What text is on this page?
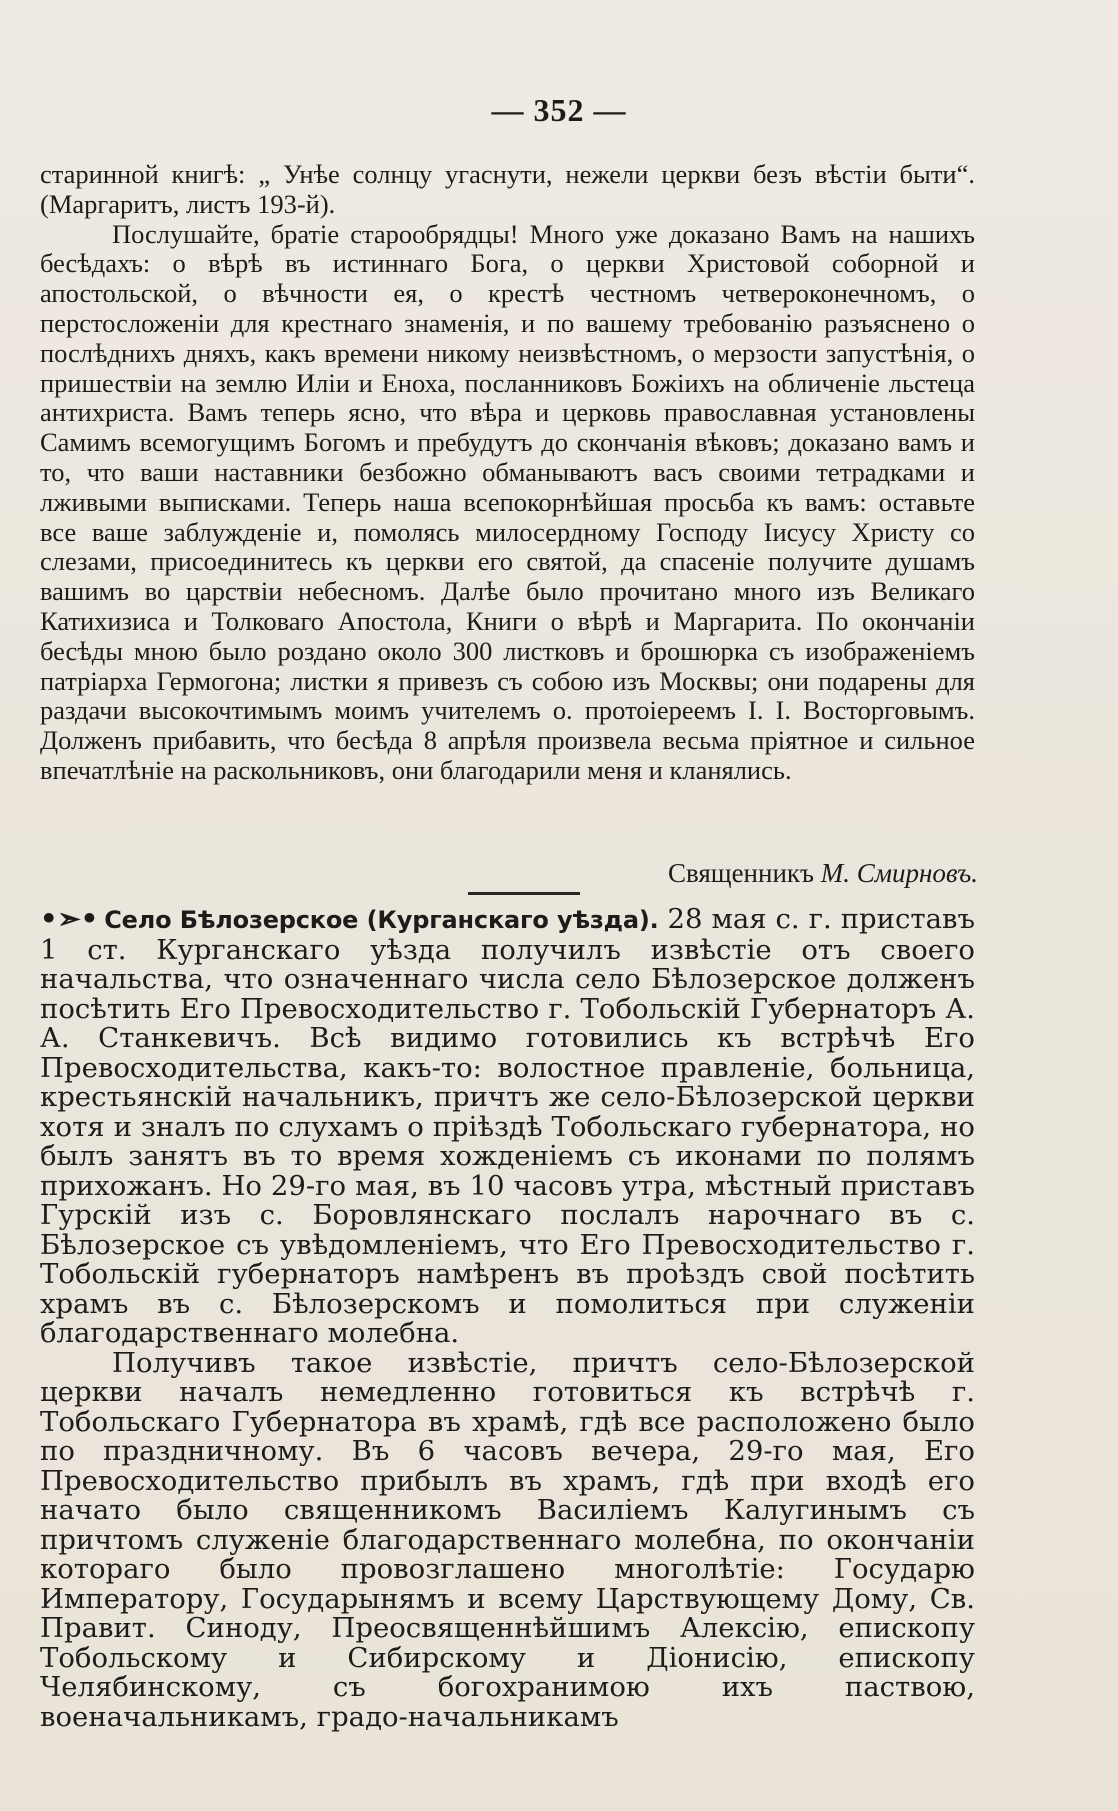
— 352 —

старинной книгѣ: „ Унѣе солнцу угаснути, нежели церкви безъ вѣстіи быти“. (Маргаритъ, листъ 193-й).

Послушайте, братіе старообрядцы! Много уже доказано Вамъ на нашихъ бесѣдахъ: о вѣрѣ въ истиннаго Бога, о церкви Христовой соборной и апостольской, о вѣчности ея, о крестѣ честномъ четвероконечномъ, о перстосложеніи для крестнаго знаменія, и по вашему требованію разъяснено о послѣднихъ дняхъ, какъ времени никому неизвѣстномъ, о мерзости запустѣнія, о пришествіи на землю Иліи и Еноха, посланниковъ Божіихъ на обличеніе льстеца антихриста. Вамъ теперь ясно, что вѣра и церковь православная установлены Самимъ всемогущимъ Богомъ и пребудутъ до скончанія вѣковъ; доказано вамъ и то, что ваши наставники безбожно обманываютъ васъ своими тетрадками и лживыми выписками. Теперь наша всепокорнѣйшая просьба къ вамъ: оставьте все ваше заблужденіе и, помолясь милосердному Господу Іисусу Христу со слезами, присоединитесь къ церкви его святой, да спасеніе получите душамъ вашимъ во царствіи небесномъ. Далѣе было прочитано много изъ Великаго Катихизиса и Толковаго Апостола, Книги о вѣрѣ и Маргарита. По окончаніи бесѣды мною было роздано около 300 листковъ и брошюрка съ изображеніемъ патріарха Гермогона; листки я привезъ съ собою изъ Москвы; они подарены для раздачи высокочтимымъ моимъ учителемъ о. протоіереемъ І. І. Восторговымъ. Долженъ прибавить, что бесѣда 8 апрѣля произвела весьма пріятное и сильное впечатлѣніе на раскольниковъ, они благодарили меня и кланялись.

Священникъ М. Смирновъ.

•➣• Село Бѣлозерское (Курганскаго уѣзда). 28 мая с. г. приставъ 1 ст. Курганскаго уѣзда получилъ извѣстіе отъ своего начальства, что означеннаго числа село Бѣлозерское долженъ посѣтить Его Превосходительство г. Тобольскій Губернаторъ А. А. Станкевичъ. Всѣ видимо готовились къ встрѣчѣ Его Превосходительства, какъ-то: волостное правленіе, больница, крестьянскій начальникъ, причтъ же село-Бѣлозерской церкви хотя и зналъ по слухамъ о пріѣздѣ Тобольскаго губернатора, но былъ занятъ въ то время хожденіемъ съ иконами по полямъ прихожанъ. Но 29-го мая, въ 10 часовъ утра, мѣстный приставъ Гурскій изъ с. Боровлянскаго послалъ нарочнаго въ с. Бѣлозерское съ увѣдомленіемъ, что Его Превосходительство г. Тобольскій губернаторъ намѣренъ въ проѣздъ свой посѣтить храмъ въ с. Бѣлозерскомъ и помолиться при служеніи благодарственнаго молебна.

Получивъ такое извѣстіе, причтъ село-Бѣлозерской церкви началъ немедленно готовиться къ встрѣчѣ г. Тобольскаго Губернатора въ храмѣ, гдѣ все расположено было по праздничному. Въ 6 часовъ вечера, 29-го мая, Его Превосходительство прибылъ въ храмъ, гдѣ при входѣ его начато было священникомъ Василіемъ Калугинымъ съ причтомъ служеніе благодарственнаго молебна, по окончаніи котораго было провозглашено многолѣтіе: Государю Императору, Государынямъ и всему Царствующему Дому, Св. Правит. Синоду, Преосвященнѣйшимъ Алексію, епископу Тобольскому и Сибирскому и Діонисію, епископу Челябинскому, съ богохранимою ихъ паствою, военачальникамъ, градо-начальникамъ
